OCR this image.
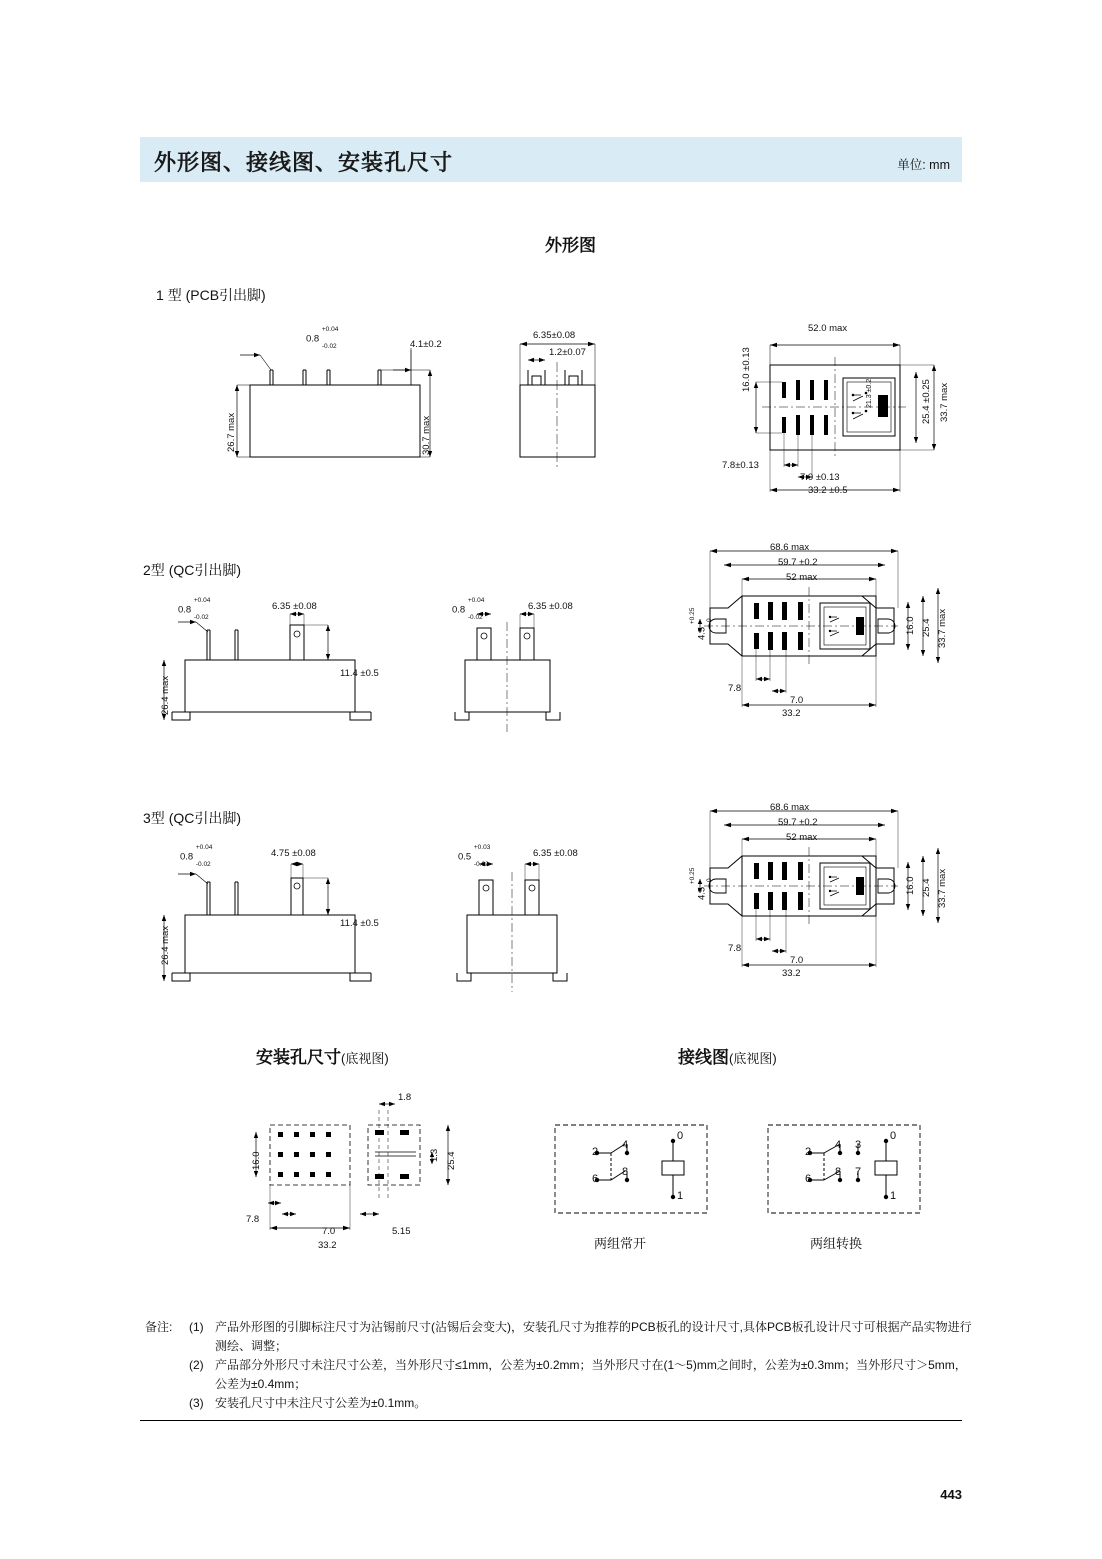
外形图、接线图、安装孔尺寸	单位: mm
外形图
1 型 (PCB引出脚)
0.8 $^{+0.04}$
$_{-0.02}$	4.1±0.2
26.7 max	30.7 max
6.35±0.08
1.2±0.07
52.0 max
16.0 ±0.13
25.4 ±0.25 33.7 max
21.3 ±0.2
7.8±0.13
7.0 ±0.13
33.2 ±0.5
2型 (QC引出脚)
0.8 $^{+0.04}$
$_{-0.02}$
6.35 ±0.08
26.4 max
11.4 ±0.5
0.8 $^{+0.04}$
$_{-0.02}$
6.35 ±0.08
68.6 max
59.7 ±0.2
52 max
4.5 $^{+0.25}$ $_{-0}$	16.0 25.4 33.7 max
7.8
7.0
33.2
3型 (QC引出脚)
0.8 $^{+0.04}$
$_{-0.02}$
4.75 ±0.08
26.4 max
11.4 ±0.5
0.5 $^{+0.03}$
$_{-0.02}$
6.35 ±0.08
68.6 max
59.7 ±0.2
52 max
4.5 $^{+0.25}$ $_{-0}$	16.0 25.4 33.7 max
7.8
7.0
33.2
安装孔尺寸(底视图)	接线图(底视图)
1.8
16.0	1.3 25.4
7.8
7.0	5.15
33.2
2
4
6
8
0
1
两组常开
2
4 3
6
8 7
0
1
两组转换
备注:	(1) 产品外形图的引脚标注尺寸为沾锡前尺寸(沾锡后会变大)，安装孔尺寸为推荐的PCB板孔的设计尺寸,具体PCB板孔设计尺寸可根据产品实物进行测绘、调整；
(2) 产品部分外形尺寸未注尺寸公差，当外形尺寸≤1mm，公差为±0.2mm；当外形尺寸在(1～5)mm之间时，公差为±0.3mm；当外形尺寸＞5mm，公差为±0.4mm；
(3) 安装孔尺寸中未注尺寸公差为±0.1mm。
443
